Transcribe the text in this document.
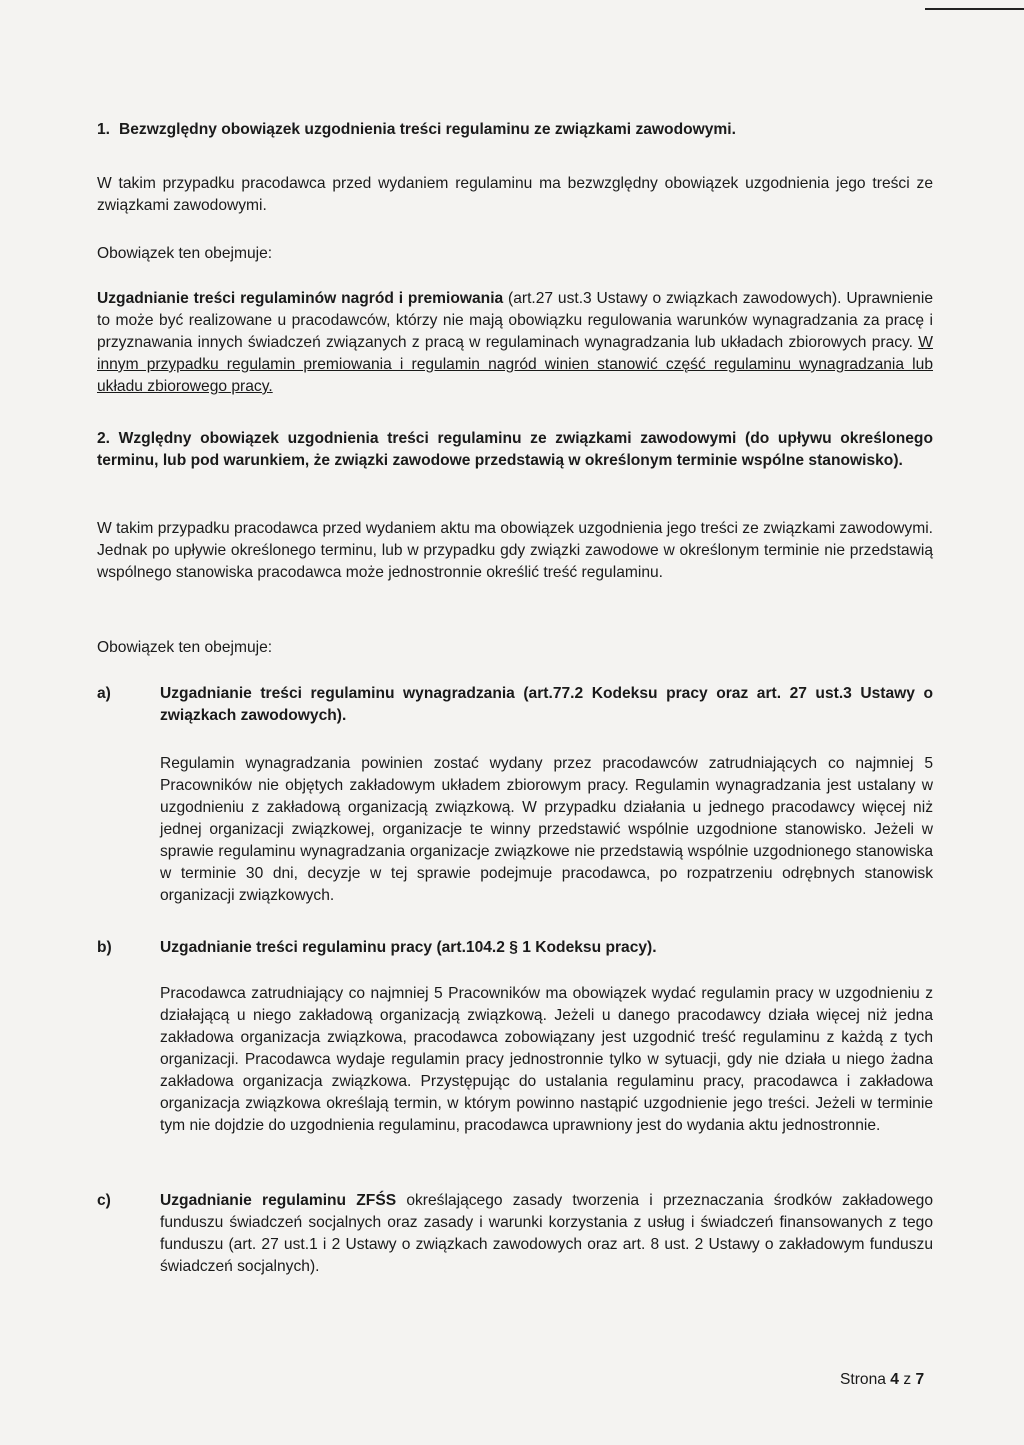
1. Bezwzględny obowiązek uzgodnienia treści regulaminu ze związkami zawodowymi.
W takim przypadku pracodawca przed wydaniem regulaminu ma bezwzględny obowiązek uzgodnienia jego treści ze związkami zawodowymi.
Obowiązek ten obejmuje:
Uzgadnianie treści regulaminów nagród i premiowania (art.27 ust.3 Ustawy o związkach zawodowych). Uprawnienie to może być realizowane u pracodawców, którzy nie mają obowiązku regulowania warunków wynagradzania za pracę i przyznawania innych świadczeń związanych z pracą w regulaminach wynagradzania lub układach zbiorowych pracy. W innym przypadku regulamin premiowania i regulamin nagród winien stanowić część regulaminu wynagradzania lub układu zbiorowego pracy.
2. Względny obowiązek uzgodnienia treści regulaminu ze związkami zawodowymi (do upływu określonego terminu, lub pod warunkiem, że związki zawodowe przedstawią w określonym terminie wspólne stanowisko).
W takim przypadku pracodawca przed wydaniem aktu ma obowiązek uzgodnienia jego treści ze związkami zawodowymi. Jednak po upływie określonego terminu, lub w przypadku gdy związki zawodowe w określonym terminie nie przedstawią wspólnego stanowiska pracodawca może jednostronnie określić treść regulaminu.
Obowiązek ten obejmuje:
a)	Uzgadnianie treści regulaminu wynagradzania (art.77.2 Kodeksu pracy oraz art. 27 ust.3 Ustawy o związkach zawodowych).
Regulamin wynagradzania powinien zostać wydany przez pracodawców zatrudniających co najmniej 5 Pracowników nie objętych zakładowym układem zbiorowym pracy. Regulamin wynagradzania jest ustalany w uzgodnieniu z zakładową organizacją związkową. W przypadku działania u jednego pracodawcy więcej niż jednej organizacji związkowej, organizacje te winny przedstawić wspólnie uzgodnione stanowisko. Jeżeli w sprawie regulaminu wynagradzania organizacje związkowe nie przedstawią wspólnie uzgodnionego stanowiska w terminie 30 dni, decyzje w tej sprawie podejmuje pracodawca, po rozpatrzeniu odrębnych stanowisk organizacji związkowych.
b)	Uzgadnianie treści regulaminu pracy (art.104.2 § 1 Kodeksu pracy).
Pracodawca zatrudniający co najmniej 5 Pracowników ma obowiązek wydać regulamin pracy w uzgodnieniu z działającą u niego zakładową organizacją związkową. Jeżeli u danego pracodawcy działa więcej niż jedna zakładowa organizacja związkowa, pracodawca zobowiązany jest uzgodnić treść regulaminu z każdą z tych organizacji. Pracodawca wydaje regulamin pracy jednostronnie tylko w sytuacji, gdy nie działa u niego żadna zakładowa organizacja związkowa. Przystępując do ustalania regulaminu pracy, pracodawca i zakładowa organizacja związkowa określają termin, w którym powinno nastąpić uzgodnienie jego treści. Jeżeli w terminie tym nie dojdzie do uzgodnienia regulaminu, pracodawca uprawniony jest do wydania aktu jednostronnie.
c)	Uzgadnianie regulaminu ZFŚS określającego zasady tworzenia i przeznaczania środków zakładowego funduszu świadczeń socjalnych oraz zasady i warunki korzystania z usług i świadczeń finansowanych z tego funduszu (art. 27 ust.1 i 2 Ustawy o związkach zawodowych oraz art. 8 ust. 2 Ustawy o zakładowym funduszu świadczeń socjalnych).
Strona 4 z 7
